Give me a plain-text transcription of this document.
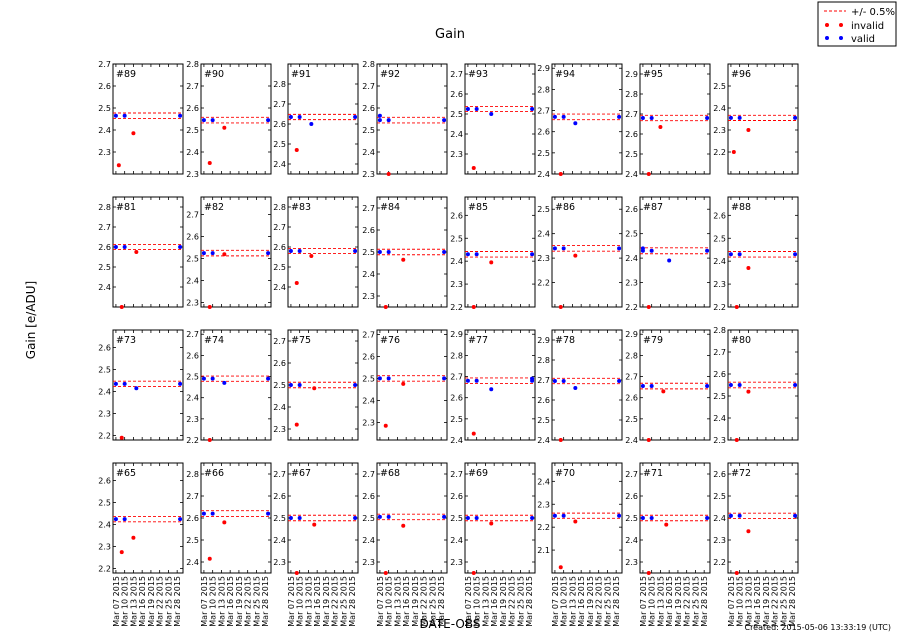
Gain
Gain [e/ADU]
DATE-OBS	Created: 2015-05-06 13:33:19 (UTC)
+/- 0.5%
invalid
valid
2.3
2.4
2.5
2.6
2.7
#89
2.3
2.4
2.5
2.6
2.7
2.8
#90
2.4
2.5
2.6
2.7
2.8
#91
2.3
2.4
2.5
2.6
2.7
2.8
#92
2.3
2.4
2.5
2.6
2.7 #93
2.4
2.5
2.6
2.7
2.8
2.9
#94
2.4
2.5
2.6
2.7
2.8
2.9 #95
2.2
2.3
2.4
2.5
#96
2.4
2.5
2.6
2.7
2.8 #81
2.3
2.4
2.5
2.6
2.7
#82
2.4
2.5
2.6
2.7
2.8 #83
2.3
2.4
2.5
2.6
2.7 #84
2.2
2.3
2.4
2.5
2.6
#85
2.2
2.3
2.4
2.5 #86
2.2
2.3
2.4
2.5
2.6 #87
2.2
2.3
2.4
2.5
2.6
#88
2.2
2.3
2.4
2.5
2.6
#73
2.2
2.3
2.4
2.5
2.6
2.7
#74
2.3
2.4
2.5
2.6
2.7 #75
2.3
2.4
2.5
2.6
2.7
#76
2.4
2.5
2.6
2.7
2.8
2.9
#77
2.4
2.5
2.6
2.7
2.8
2.9 #78
2.4
2.5
2.6
2.7
2.8
2.9
#79
2.3
2.4
2.5
2.6
2.7
2.8
#80
2.2
2.3
2.4
2.5
2.6
#65
Mar 07 2015 Mar 10 2015 Mar 13 2015 Mar 16 2015 Mar 19 2015 Mar 22 2015 Mar 25 2015 Mar 28 2015
2.4
2.5
2.6
2.7
2.8 #66
Mar 07 2015 Mar 10 2015 Mar 13 2015 Mar 16 2015 Mar 19 2015 Mar 22 2015 Mar 25 2015 Mar 28 2015
2.3
2.4
2.5
2.6
2.7 #67
Mar 07 2015 Mar 10 2015 Mar 13 2015 Mar 16 2015 Mar 19 2015 Mar 22 2015 Mar 25 2015 Mar 28 2015
2.3
2.4
2.5
2.6
2.7 #68
Mar 07 2015 Mar 10 2015 Mar 13 2015 Mar 16 2015 Mar 19 2015 Mar 22 2015 Mar 25 2015 Mar 28 2015
2.3
2.4
2.5
2.6
2.7 #69
Mar 07 2015 Mar 10 2015 Mar 13 2015 Mar 16 2015 Mar 19 2015 Mar 22 2015 Mar 25 2015 Mar 28 2015
2.1
2.2
2.3
2.4
#70
Mar 07 2015 Mar 10 2015 Mar 13 2015 Mar 16 2015 Mar 19 2015 Mar 22 2015 Mar 25 2015 Mar 28 2015
2.3
2.4
2.5
2.6
2.7 #71
Mar 07 2015 Mar 10 2015 Mar 13 2015 Mar 16 2015 Mar 19 2015 Mar 22 2015 Mar 25 2015 Mar 28 2015
2.2
2.3
2.4
2.5
2.6 #72
Mar 07 2015 Mar 10 2015 Mar 13 2015 Mar 16 2015 Mar 19 2015 Mar 22 2015 Mar 25 2015 Mar 28 2015
